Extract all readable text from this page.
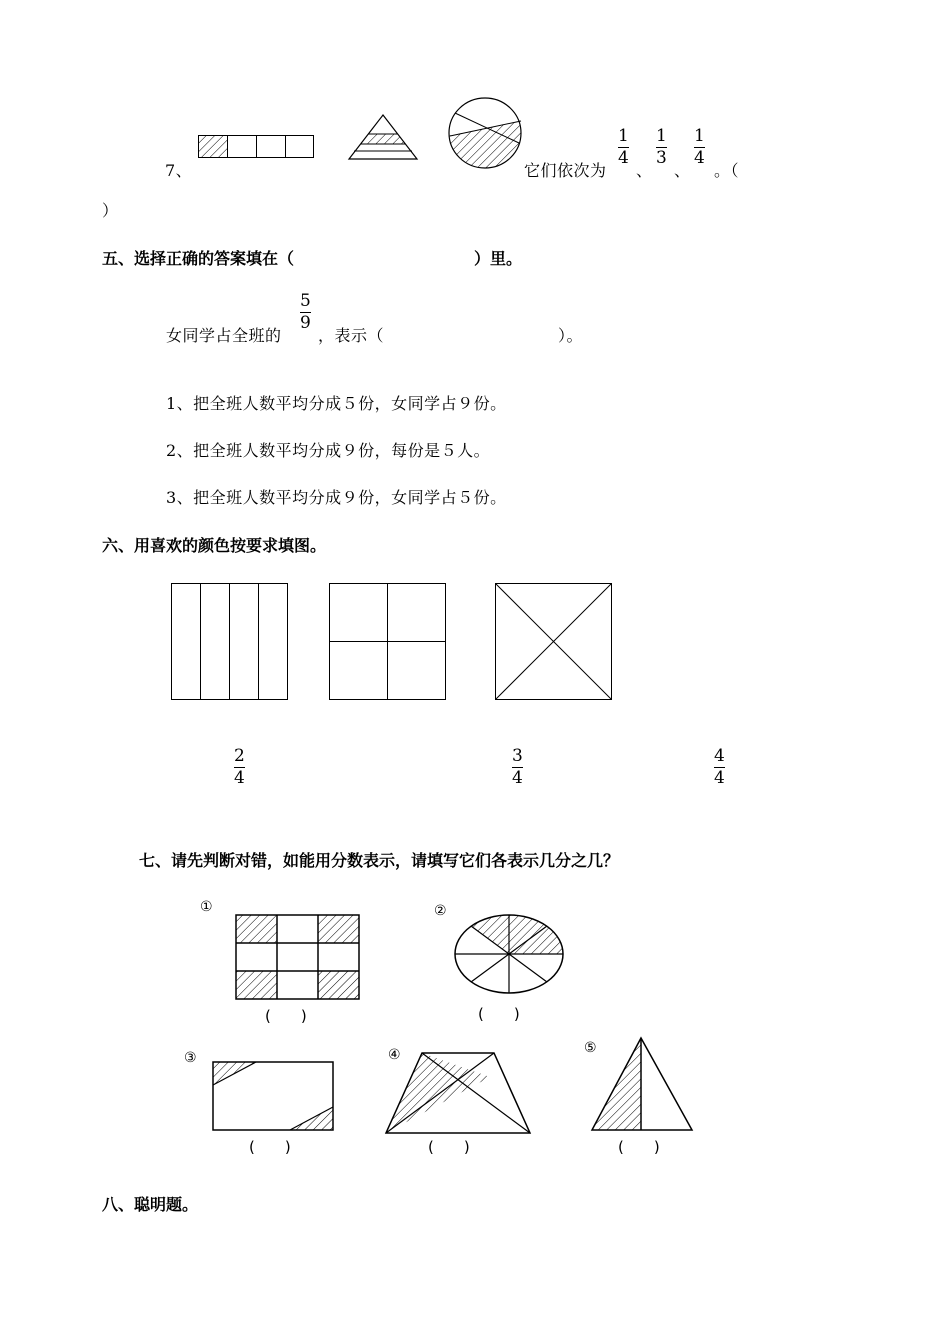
7、	它们依次为
1
4
、
1
3
、
1
4
。（
）
五、选择正确的答案填在（	）里。
女同学占全班的
5
9
，表示（	）。
1、把全班人数平均分成５份，女同学占９份。
2、把全班人数平均分成９份，每份是５人。
3、把全班人数平均分成９份，女同学占５份。
六、用喜欢的颜色按要求填图。
2
4
3
4
4
4
七、请先判断对错，如能用分数表示，请填写它们各表示几分之几？
①
(　　)
②
(　　)
③
(　　)
④
(　　)
⑤
(　　)
八、聪明题。
